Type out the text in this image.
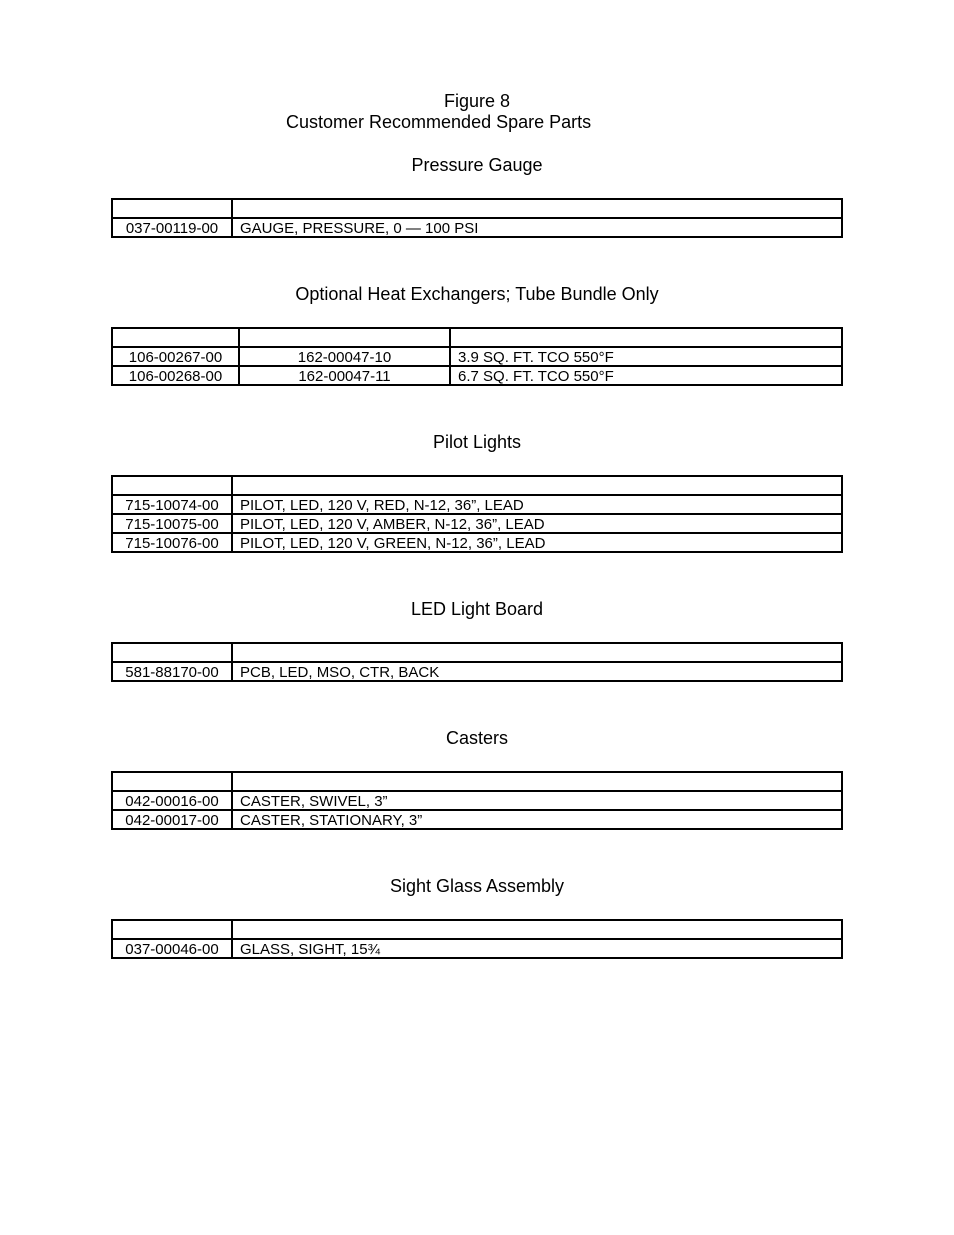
Figure 8
Customer Recommended Spare Parts
Pressure Gauge

037-00119-00	GAUGE, PRESSURE, 0 — 100 PSI
Optional Heat Exchangers; Tube Bundle Only

106-00267-00	162-00047-10	3.9 SQ. FT. TCO 550°F
106-00268-00	162-00047-11	6.7 SQ. FT. TCO 550°F
Pilot Lights

715-10074-00	PILOT, LED, 120 V, RED, N-12, 36”, LEAD
715-10075-00	PILOT, LED, 120 V, AMBER, N-12, 36”, LEAD
715-10076-00	PILOT, LED, 120 V, GREEN, N-12, 36”, LEAD
LED Light Board

581-88170-00	PCB, LED, MSO, CTR, BACK
Casters

042-00016-00	CASTER, SWIVEL, 3”
042-00017-00	CASTER, STATIONARY, 3”
Sight Glass Assembly

037-00046-00	GLASS, SIGHT, 15¾
